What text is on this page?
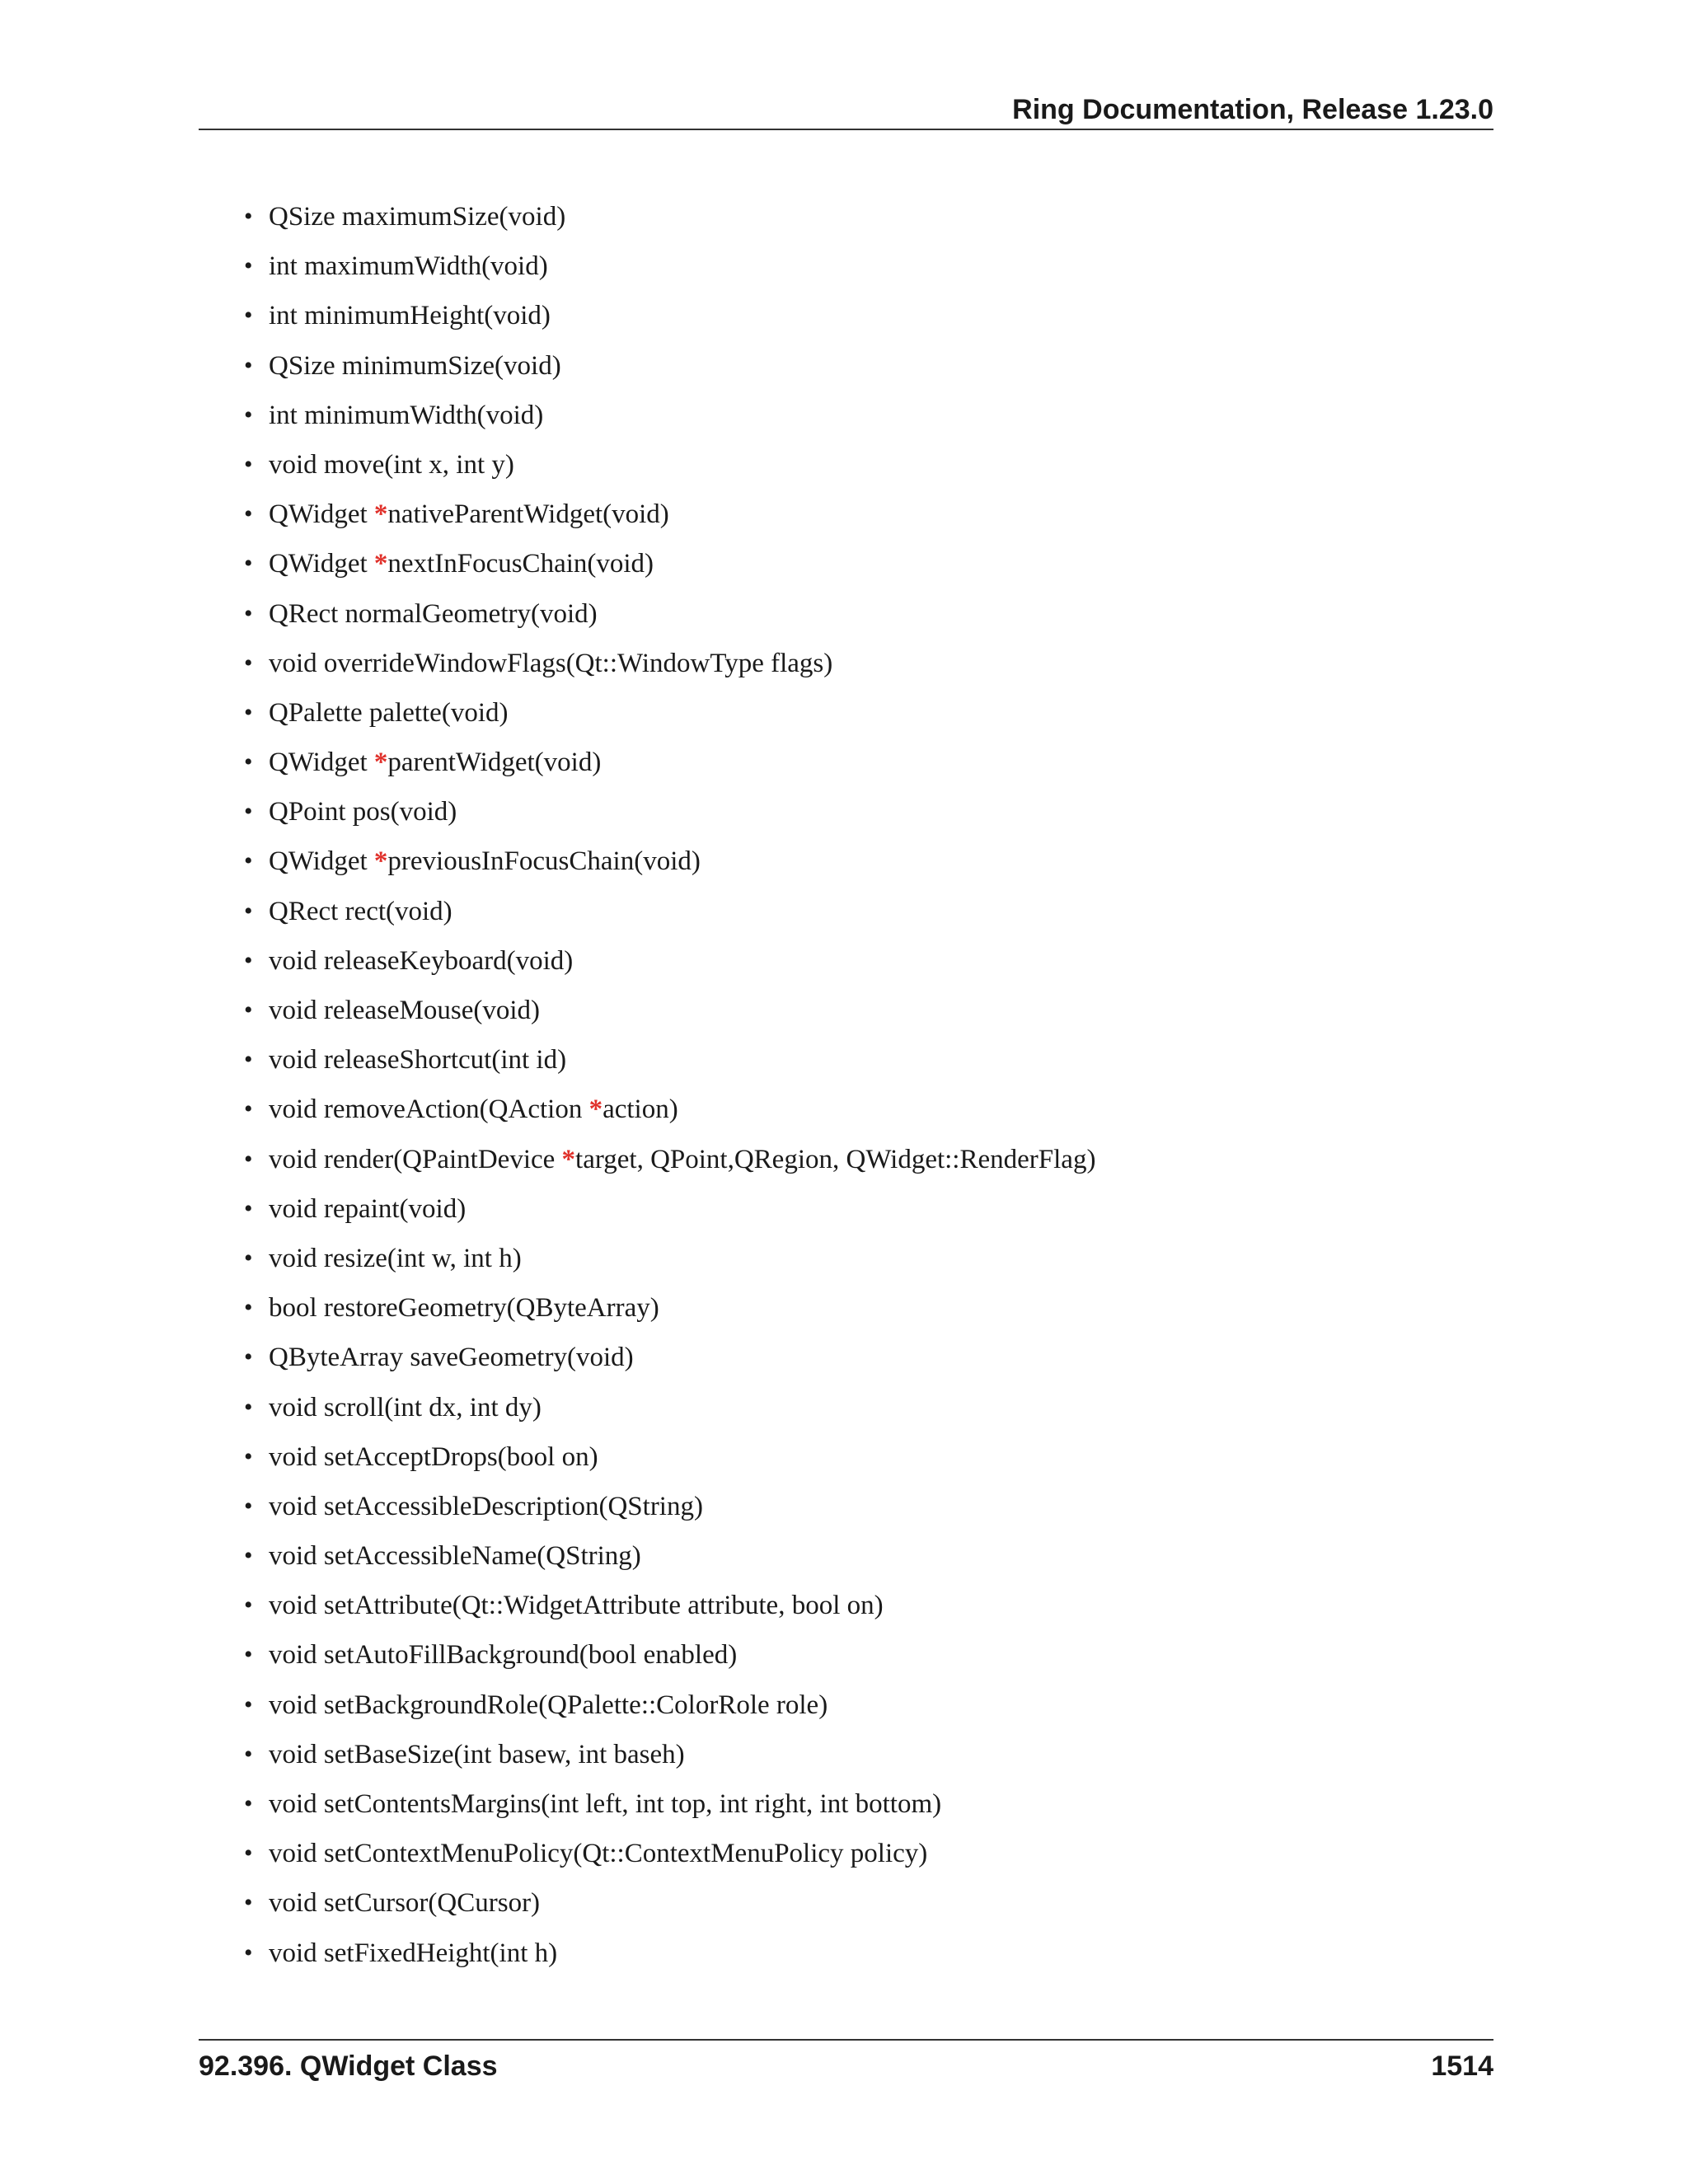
Ring Documentation, Release 1.23.0
• QSize maximumSize(void)
• int maximumWidth(void)
• int minimumHeight(void)
• QSize minimumSize(void)
• int minimumWidth(void)
• void move(int x, int y)
• QWidget *nativeParentWidget(void)
• QWidget *nextInFocusChain(void)
• QRect normalGeometry(void)
• void overrideWindowFlags(Qt::WindowType flags)
• QPalette palette(void)
• QWidget *parentWidget(void)
• QPoint pos(void)
• QWidget *previousInFocusChain(void)
• QRect rect(void)
• void releaseKeyboard(void)
• void releaseMouse(void)
• void releaseShortcut(int id)
• void removeAction(QAction *action)
• void render(QPaintDevice *target, QPoint,QRegion, QWidget::RenderFlag)
• void repaint(void)
• void resize(int w, int h)
• bool restoreGeometry(QByteArray)
• QByteArray saveGeometry(void)
• void scroll(int dx, int dy)
• void setAcceptDrops(bool on)
• void setAccessibleDescription(QString)
• void setAccessibleName(QString)
• void setAttribute(Qt::WidgetAttribute attribute, bool on)
• void setAutoFillBackground(bool enabled)
• void setBackgroundRole(QPalette::ColorRole role)
• void setBaseSize(int basew, int baseh)
• void setContentsMargins(int left, int top, int right, int bottom)
• void setContextMenuPolicy(Qt::ContextMenuPolicy policy)
• void setCursor(QCursor)
• void setFixedHeight(int h)
92.396. QWidget Class	1514
